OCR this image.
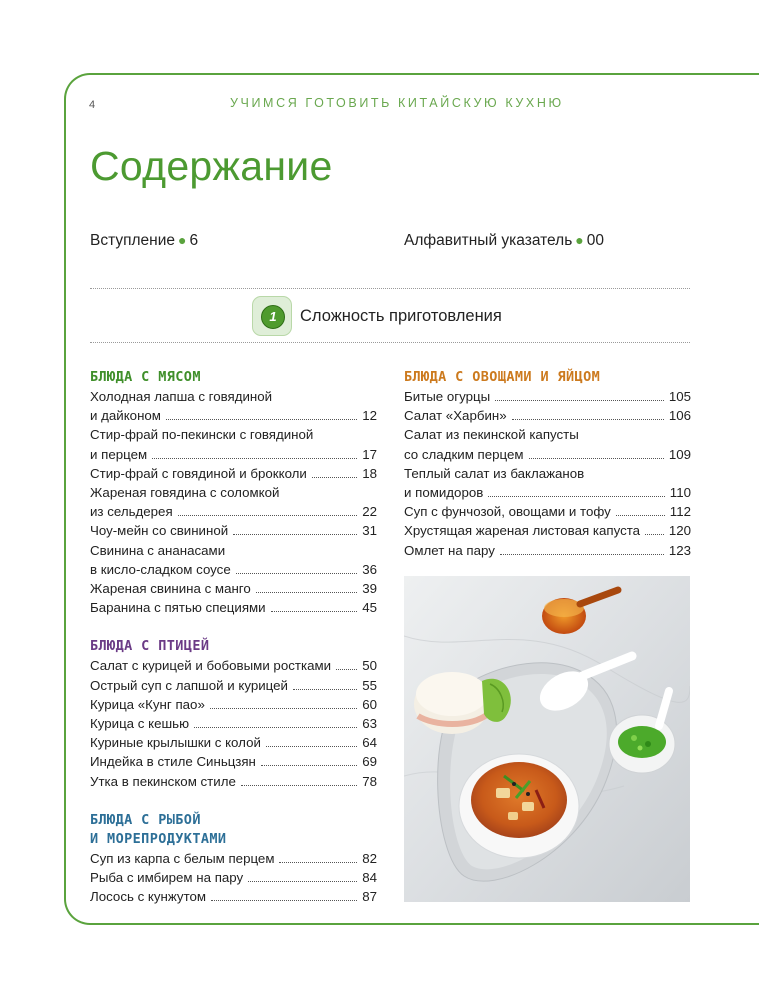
4	УЧИМСЯ ГОТОВИТЬ КИТАЙСКУЮ КУХНЮ
Содержание
Вступление ● 6	Алфавитный указатель ● 00
1	Сложность приготовления
БЛЮДА С МЯСОМ
Холодная лапша с говядиной
и дайконом	12
Стир-фрай по-пекински с говядиной
и перцем	17
Стир-фрай с говядиной и брокколи	18
Жареная говядина с соломкой
из сельдерея	22
Чоу-мейн со свининой	31
Свинина с ананасами
в кисло-сладком соусе	36
Жареная свинина с манго	39
Баранина с пятью специями	45
БЛЮДА С ПТИЦЕЙ
Салат с курицей и бобовыми ростками 50
Острый суп с лапшой и курицей	55
Курица «Кунг пао»	60
Курица с кешью	63
Куриные крылышки с колой	64
Индейка в стиле Синьцзян	69
Утка в пекинском стиле	78
БЛЮДА С РЫБОЙ
И МОРЕПРОДУКТАМИ
Суп из карпа с белым перцем	82
Рыба с имбирем на пару	84
Лосось с кунжутом	87
БЛЮДА С ОВОЩАМИ И ЯЙЦОМ
Битые огурцы	105
Салат «Харбин»	106
Салат из пекинской капусты
со сладким перцем	109
Теплый салат из баклажанов
и помидоров	110
Суп с фунчозой, овощами и тофу	112
Хрустящая жареная листовая капуста 120
Омлет на пару	123
